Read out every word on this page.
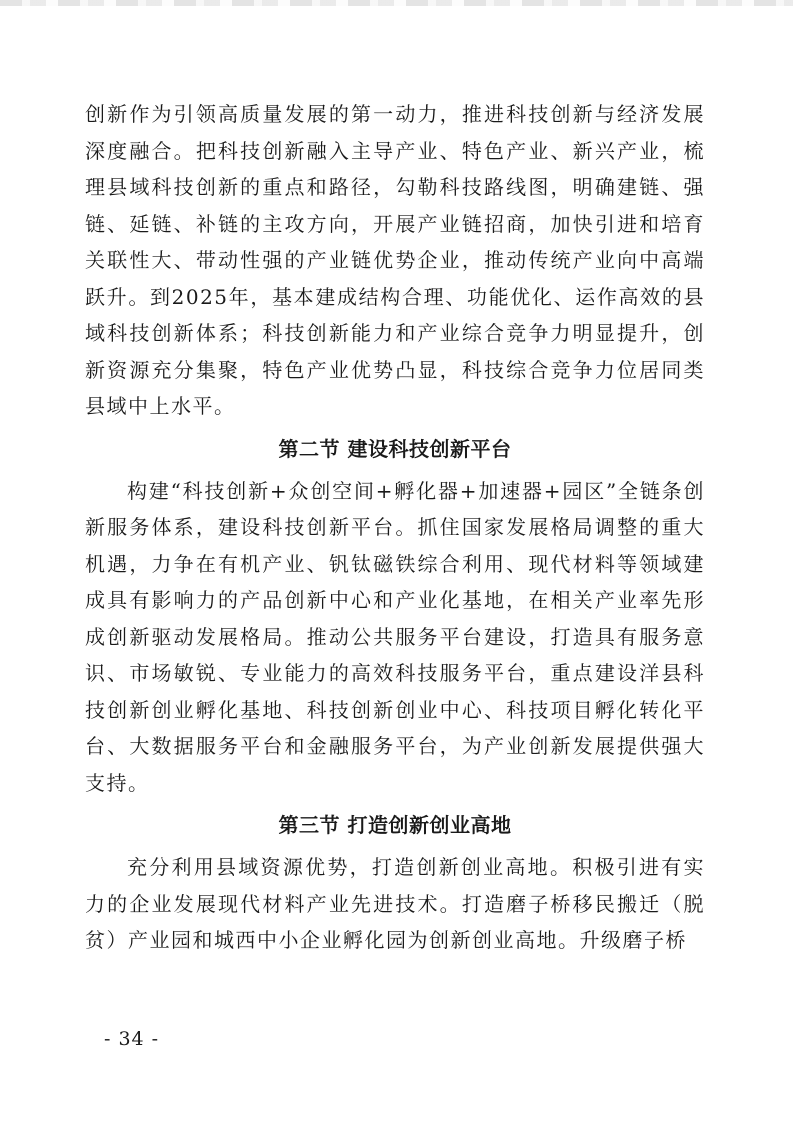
创新作为引领高质量发展的第一动力，推进科技创新与经济发展深度融合。把科技创新融入主导产业、特色产业、新兴产业，梳理县域科技创新的重点和路径，勾勒科技路线图，明确建链、强链、延链、补链的主攻方向，开展产业链招商，加快引进和培育关联性大、带动性强的产业链优势企业，推动传统产业向中高端跃升。到2025年，基本建成结构合理、功能优化、运作高效的县域科技创新体系；科技创新能力和产业综合竞争力明显提升，创新资源充分集聚，特色产业优势凸显，科技综合竞争力位居同类县域中上水平。

第二节 建设科技创新平台

构建“科技创新+众创空间+孵化器+加速器+园区”全链条创新服务体系，建设科技创新平台。抓住国家发展格局调整的重大机遇，力争在有机产业、钒钛磁铁综合利用、现代材料等领域建成具有影响力的产品创新中心和产业化基地，在相关产业率先形成创新驱动发展格局。推动公共服务平台建设，打造具有服务意识、市场敏锐、专业能力的高效科技服务平台，重点建设洋县科技创新创业孵化基地、科技创新创业中心、科技项目孵化转化平台、大数据服务平台和金融服务平台，为产业创新发展提供强大支持。

第三节 打造创新创业高地

充分利用县域资源优势，打造创新创业高地。积极引进有实力的企业发展现代材料产业先进技术。打造磨子桥移民搬迁（脱贫）产业园和城西中小企业孵化园为创新创业高地。升级磨子桥

- 34 -
